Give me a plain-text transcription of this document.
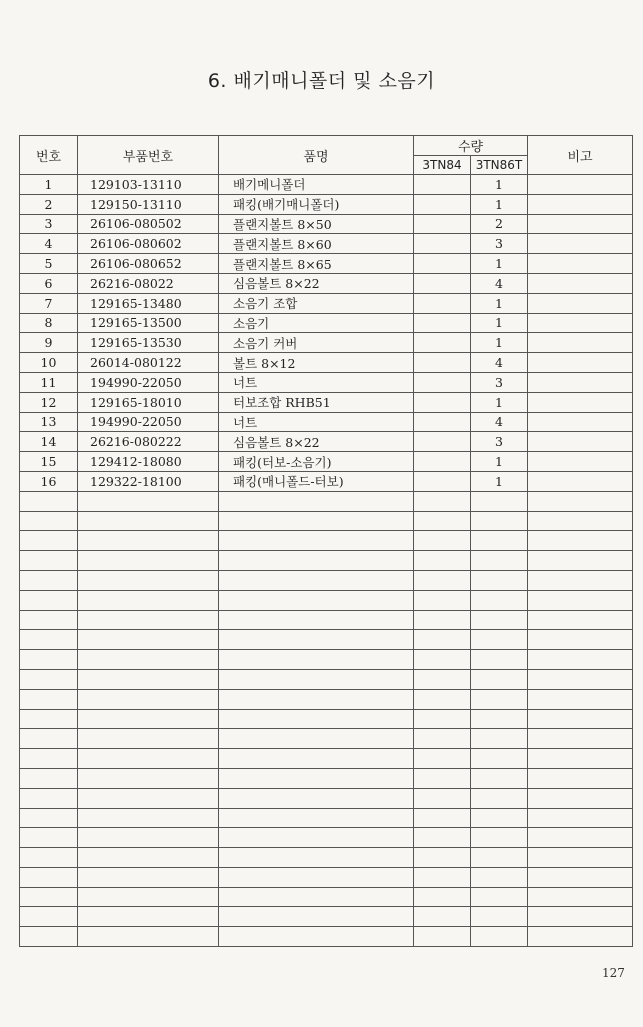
6. 배기매니폴더 및 소음기
번호	부품번호	품명	수량		비고
			3TN84	3TN86T	
1	129103-13110	배기메니폴더		1	
2	129150-13110	패킹(배기매니폴더)		1	
3	26106-080502	플랜지볼트 8×50		2	
4	26106-080602	플랜지볼트 8×60		3	
5	26106-080652	플랜지볼트 8×65		1	
6	26216-08022	심음볼트 8×22		4	
7	129165-13480	소음기 조합		1	
8	129165-13500	소음기		1	
9	129165-13530	소음기 커버		1	
10	26014-080122	볼트 8×12		4	
11	194990-22050	너트		3	
12	129165-18010	터보조합 RHB51		1	
13	194990-22050	너트		4	
14	26216-080222	심음볼트 8×22		3	
15	129412-18080	패킹(터보-소음기)		1	
16	129322-18100	패킹(매니폴드-터보)		1	

127
